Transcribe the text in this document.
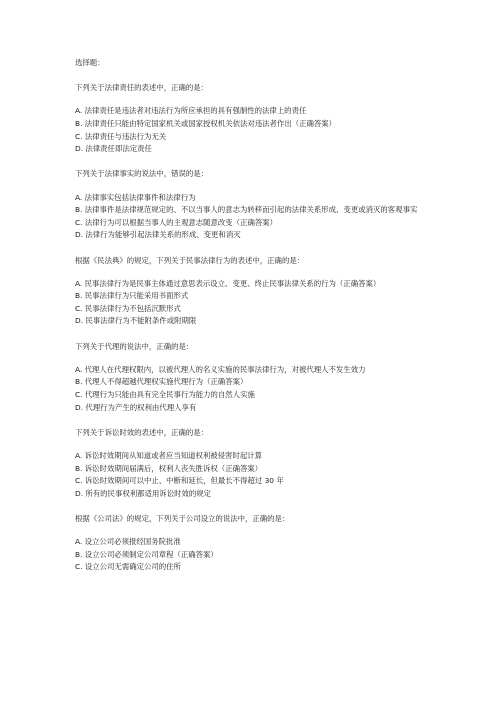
选择题：
下列关于法律责任的表述中，正确的是：
A. 法律责任是违法者对违法行为所应承担的具有强制性的法律上的责任
B. 法律责任只能由特定国家机关或国家授权机关依法对违法者作出（正确答案）
C. 法律责任与违法行为无关
D. 法律责任即法定责任
下列关于法律事实的说法中，错误的是：
A. 法律事实包括法律事件和法律行为
B. 法律事件是法律规范规定的、不以当事人的意志为转移而引起的法律关系形成、变更或消灭的客观事实
C. 法律行为可以根据当事人的主观意志随意改变（正确答案）
D. 法律行为能够引起法律关系的形成、变更和消灭
根据《民法典》的规定，下列关于民事法律行为的表述中，正确的是：
A. 民事法律行为是民事主体通过意思表示设立、变更、终止民事法律关系的行为（正确答案）
B. 民事法律行为只能采用书面形式
C. 民事法律行为不包括沉默形式
D. 民事法律行为不能附条件或附期限
下列关于代理的说法中，正确的是：
A. 代理人在代理权限内，以被代理人的名义实施的民事法律行为，对被代理人不发生效力
B. 代理人不得超越代理权实施代理行为（正确答案）
C. 代理行为只能由具有完全民事行为能力的自然人实施
D. 代理行为产生的权利由代理人享有
下列关于诉讼时效的表述中，正确的是：
A. 诉讼时效期间从知道或者应当知道权利被侵害时起计算
B. 诉讼时效期间届满后，权利人丧失胜诉权（正确答案）
C. 诉讼时效期间可以中止、中断和延长，但最长不得超过 30 年
D. 所有的民事权利都适用诉讼时效的规定
根据《公司法》的规定，下列关于公司设立的说法中，正确的是：
A. 设立公司必须报经国务院批准
B. 设立公司必须制定公司章程（正确答案）
C. 设立公司无需确定公司的住所
